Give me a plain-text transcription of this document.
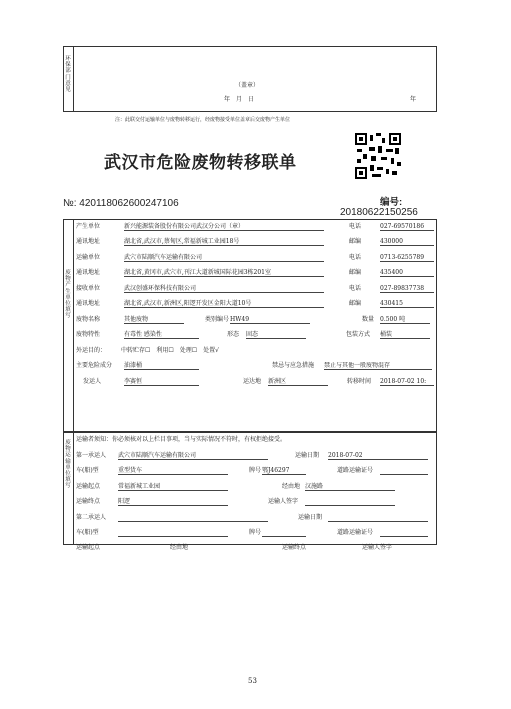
环保部门意见
（盖章）
年　月　日	年
注：此联交付运输单位与废物转移运行，经废物接受单位盖章后交废物产生单位
武汉市危险废物转移联单
№: 420118062600247106	编号:
20180622150256
废物产生单位填写
产生单位	新兴能源装备股份有限公司武汉分公司（章）	电话	027-69570186
通讯地址	湖北省,武汉市,蔡甸区,常福新城工业园18号	邮编	430000
运输单位	武穴市陆顺汽车运输有限公司	电话	0713-6255789
通讯地址	湖北省,黄冈市,武穴市,刊江大道新城国际花园3栋201室	邮编	435400
接收单位	武汉创盛环保科技有限公司	电话	027-89837738
通讯地址	湖北省,武汉市,新洲区,阳逻开发区金阳大道10号	邮编	430415
废物名称	其他废物	类别编号 HW49	数量 0.500 吨
废物特性	有毒性 感染性	形态 固态	包装方式 桶装
外运目的： 中转贮存☐　利用☐　处理☐　处置√
主要危险成分 油漆桶	禁忌与应急措施 禁止与其他一般废物混存
发运人	李赛恒	运达地 新洲区	转移时间 2018-07-02 10:
废物运输单位填写
运输者须知：你必须核对以上栏目事项，当与实际情况不符时，有权拒绝接受。
第一承运人 武穴市陆顺汽车运输有限公司	运输日期 2018-07-02
车(船)型	重型货车	牌号 鄂J46297	道路运输证号
运输起点	常福新城工业园	经由地 汉施路
运输终点	阳逻	运输人签字
第二承运人	运输日期
车(船)型	牌号	道路运输证号
运输起点	经由地	运输终点	运输人签字
53
